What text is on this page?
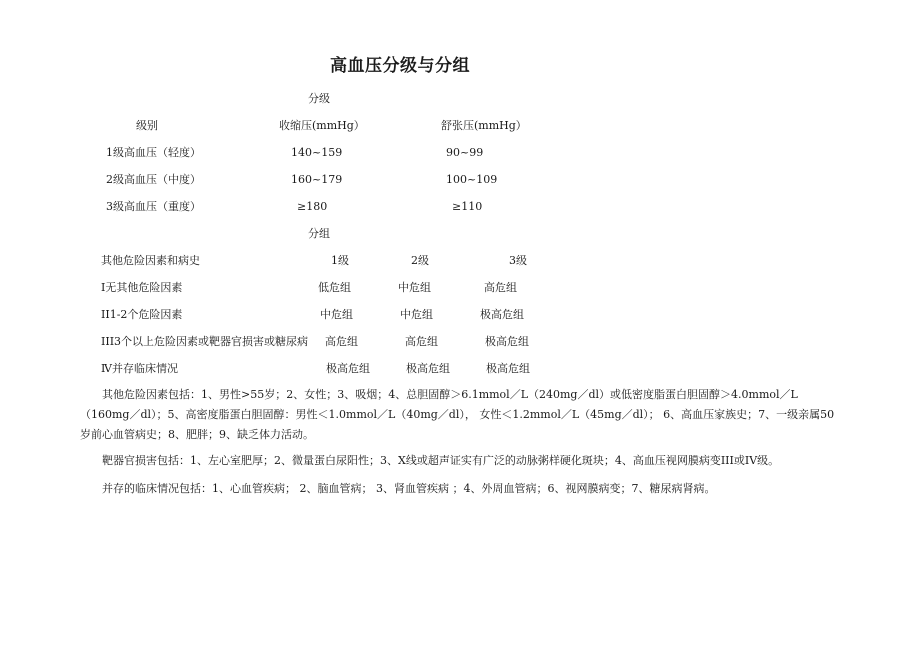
高血压分级与分组
分级
级别	收缩压(mmHg）	舒张压(mmHg）
1级高血压（轻度）	140~159	90~99
2级高血压（中度）	160~179	100~109
3级高血压（重度）	≥180	≥110
分组
其他危险因素和病史	1级	2级	3级
Ⅰ无其他危险因素	低危组	中危组	高危组
II1-2个危险因素	中危组	中危组	极高危组
III3个以上危险因素或靶器官损害或糖尿病 高危组	高危组	极高危组
Ⅳ并存临床情况	极高危组	极高危组	极高危组
其他危险因素包括：1、男性>55岁；2、女性；3、吸烟；4、总胆固醇＞6.1mmol／L（240mg／dl）或低密度脂蛋白胆固醇＞4.0mmol／L（160mg／dl）；5、高密度脂蛋白胆固醇：男性＜1.0mmol／L（40mg／dl）， 女性＜1.2mmol／L（45mg／dl）； 6、高血压家族史；7、一级亲属50岁前心血管病史；8、肥胖；9、缺乏体力活动。
靶器官损害包括：1、左心室肥厚；2、微量蛋白尿阳性；3、X线或超声证实有广泛的动脉粥样硬化斑块；4、高血压视网膜病变III或IV级。
并存的临床情况包括：1、心血管疾病； 2、脑血管病； 3、肾血管疾病 ；4、外周血管病；6、视网膜病变；7、糖尿病肾病。
